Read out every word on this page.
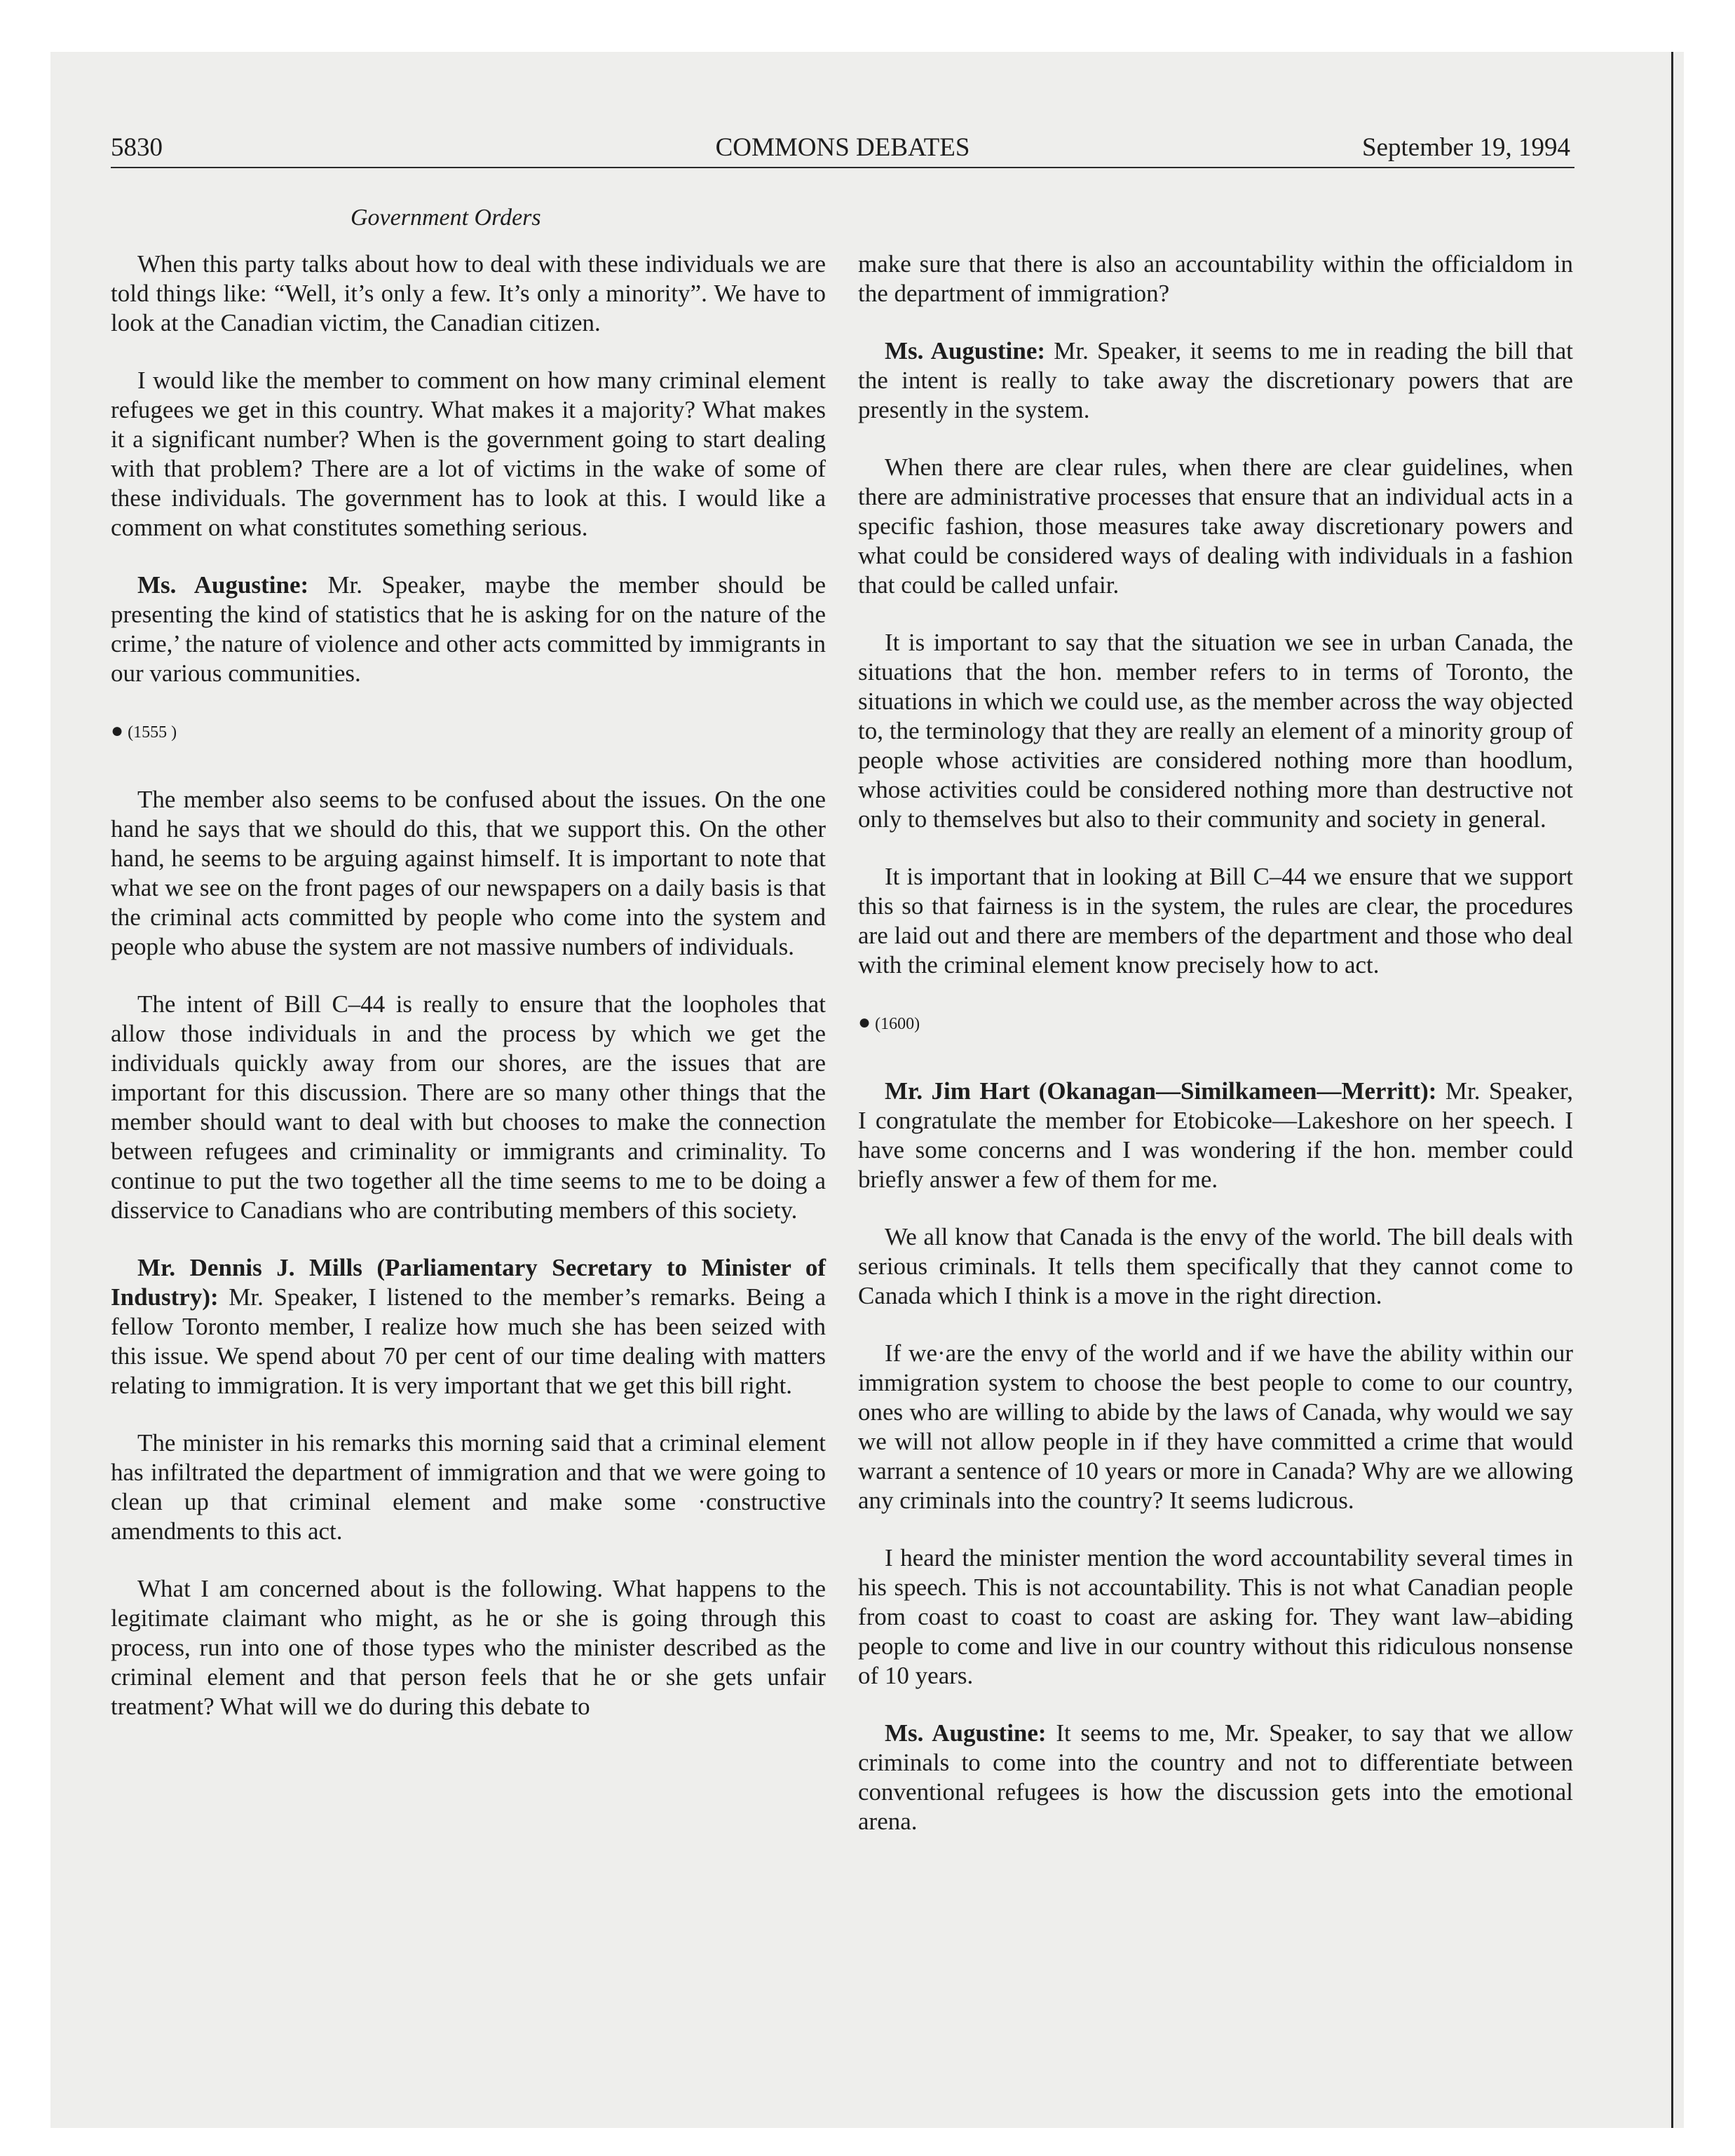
5830	COMMONS DEBATES	September 19, 1994
Government Orders

When this party talks about how to deal with these individuals we are told things like: “Well, it’s only a few. It’s only a minority”. We have to look at the Canadian victim, the Canadian citizen.

I would like the member to comment on how many criminal element refugees we get in this country. What makes it a majority? What makes it a significant number? When is the government going to start dealing with that problem? There are a lot of victims in the wake of some of these individuals. The government has to look at this. I would like a comment on what constitutes something serious.

Ms. Augustine: Mr. Speaker, maybe the member should be presenting the kind of statistics that he is asking for on the nature of the crime,’ the nature of violence and other acts committed by immigrants in our various communities.

● (1555 )

The member also seems to be confused about the issues. On the one hand he says that we should do this, that we support this. On the other hand, he seems to be arguing against himself. It is important to note that what we see on the front pages of our newspapers on a daily basis is that the criminal acts committed by people who come into the system and people who abuse the system are not massive numbers of individuals.

The intent of Bill C–44 is really to ensure that the loopholes that allow those individuals in and the process by which we get the individuals quickly away from our shores, are the issues that are important for this discussion. There are so many other things that the member should want to deal with but chooses to make the connection between refugees and criminality or immigrants and criminality. To continue to put the two together all the time seems to me to be doing a disservice to Canadians who are contributing members of this society.

Mr. Dennis J. Mills (Parliamentary Secretary to Minister of Industry): Mr. Speaker, I listened to the member’s remarks. Being a fellow Toronto member, I realize how much she has been seized with this issue. We spend about 70 per cent of our time dealing with matters relating to immigration. It is very important that we get this bill right.

The minister in his remarks this morning said that a criminal element has infiltrated the department of immigration and that we were going to clean up that criminal element and make some ·constructive amendments to this act.

What I am concerned about is the following. What happens to the legitimate claimant who might, as he or she is going through this process, run into one of those types who the minister described as the criminal element and that person feels that he or she gets unfair treatment? What will we do during this debate to

make sure that there is also an accountability within the officialdom in the department of immigration?

Ms. Augustine: Mr. Speaker, it seems to me in reading the bill that the intent is really to take away the discretionary powers that are presently in the system.

When there are clear rules, when there are clear guidelines, when there are administrative processes that ensure that an individual acts in a specific fashion, those measures take away discretionary powers and what could be considered ways of dealing with individuals in a fashion that could be called unfair.

It is important to say that the situation we see in urban Canada, the situations that the hon. member refers to in terms of Toronto, the situations in which we could use, as the member across the way objected to, the terminology that they are really an element of a minority group of people whose activities are considered nothing more than hoodlum, whose activities could be considered nothing more than destructive not only to themselves but also to their community and society in general.

It is important that in looking at Bill C–44 we ensure that we support this so that fairness is in the system, the rules are clear, the procedures are laid out and there are members of the department and those who deal with the criminal element know precisely how to act.

● (1600)

Mr. Jim Hart (Okanagan—Similkameen—Merritt): Mr. Speaker, I congratulate the member for Etobicoke—Lakeshore on her speech. I have some concerns and I was wondering if the hon. member could briefly answer a few of them for me.

We all know that Canada is the envy of the world. The bill deals with serious criminals. It tells them specifically that they cannot come to Canada which I think is a move in the right direction.

If we·are the envy of the world and if we have the ability within our immigration system to choose the best people to come to our country, ones who are willing to abide by the laws of Canada, why would we say we will not allow people in if they have committed a crime that would warrant a sentence of 10 years or more in Canada? Why are we allowing any criminals into the country? It seems ludicrous.

I heard the minister mention the word accountability several times in his speech. This is not accountability. This is not what Canadian people from coast to coast to coast are asking for. They want law–abiding people to come and live in our country without this ridiculous nonsense of 10 years.

Ms. Augustine: It seems to me, Mr. Speaker, to say that we allow criminals to come into the country and not to differentiate between conventional refugees is how the discussion gets into the emotional arena.
